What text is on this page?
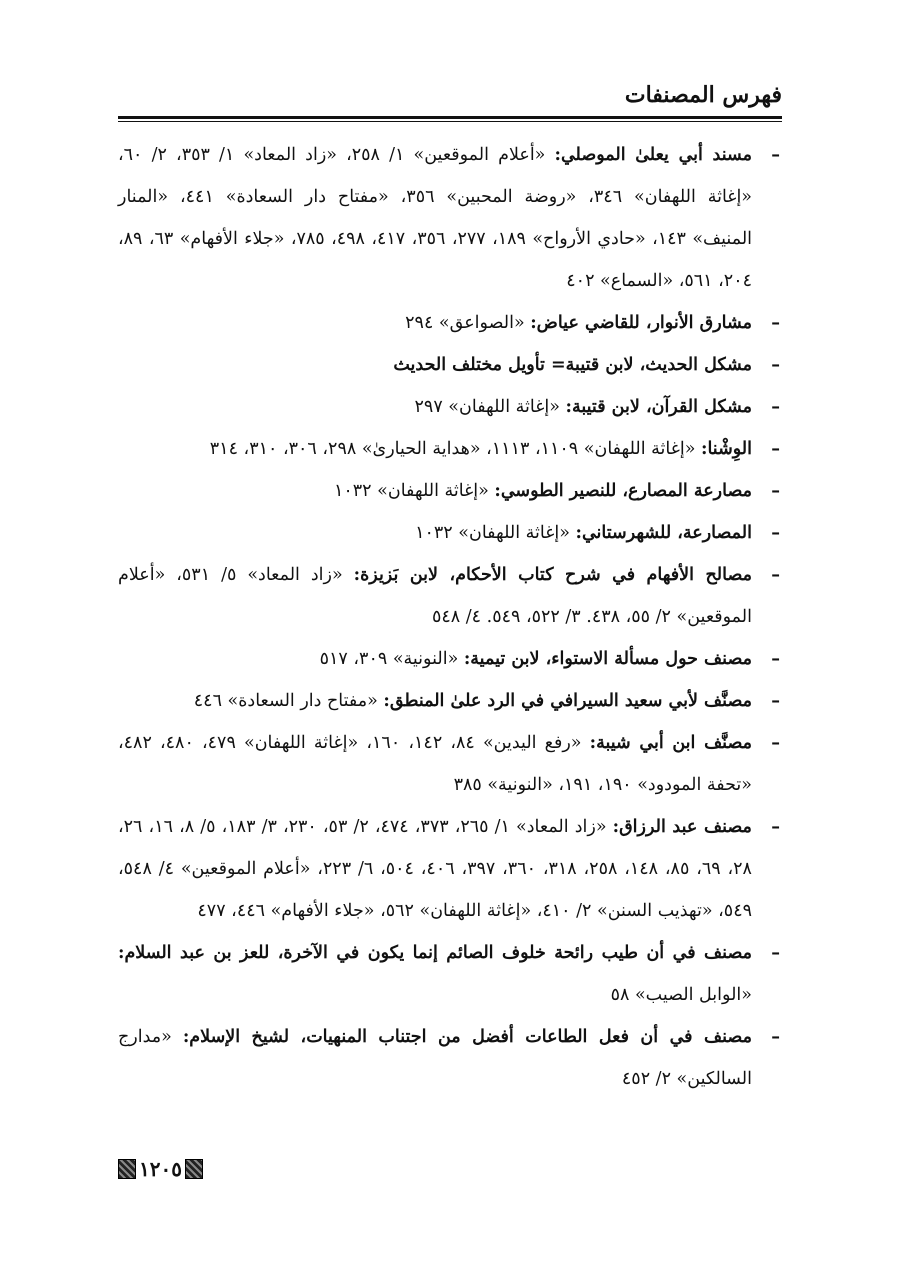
فهرس المصنفات
–
مسند أبي يعلىٰ الموصلي: «أعلام الموقعين» ١/ ٢٥٨، «زاد المعاد» ١/ ٣٥٣، ٢/ ٦٠، «إغاثة اللهفان» ٣٤٦، «روضة المحبين» ٣٥٦، «مفتاح دار السعادة» ٤٤١، «المنار المنيف» ١٤٣، «حادي الأرواح» ١٨٩، ٢٧٧، ٣٥٦، ٤١٧، ٤٩٨، ٧٨٥، «جلاء الأفهام» ٦٣، ٨٩، ٢٠٤، ٥٦١، «السماع» ٤٠٢
–
مشارق الأنوار، للقاضي عياض: «الصواعق» ٢٩٤
–
مشكل الحديث، لابن قتيبة= تأويل مختلف الحديث
–
مشكل القرآن، لابن قتيبة: «إغاثة اللهفان» ٢٩٧
–
الوِشْنا: «إغاثة اللهفان» ١١٠٩، ١١١٣، «هداية الحيارىٰ» ٢٩٨، ٣٠٦، ٣١٠، ٣١٤
–
مصارعة المصارع، للنصير الطوسي: «إغاثة اللهفان» ١٠٣٢
–
المصارعة، للشهرستاني: «إغاثة اللهفان» ١٠٣٢
–
مصالح الأفهام في شرح كتاب الأحكام، لابن بَزيزة: «زاد المعاد» ٥/ ٥٣١، «أعلام الموقعين» ٢/ ٥٥، ٤٣٨. ٣/ ٥٢٢، ٥٤٩. ٤/ ٥٤٨
–
مصنف حول مسألة الاستواء، لابن تيمية: «النونية» ٣٠٩، ٥١٧
–
مصنَّف لأبي سعيد السيرافي في الرد علىٰ المنطق: «مفتاح دار السعادة» ٤٤٦
–
مصنَّف ابن أبي شيبة: «رفع اليدين» ٨٤، ١٤٢، ١٦٠، «إغاثة اللهفان» ٤٧٩، ٤٨٠، ٤٨٢، «تحفة المودود» ١٩٠، ١٩١، «النونية» ٣٨٥
–
مصنف عبد الرزاق: «زاد المعاد» ١/ ٢٦٥، ٣٧٣، ٤٧٤، ٢/ ٥٣، ٢٣٠، ٣/ ١٨٣، ٥/ ٨، ١٦، ٢٦، ٢٨، ٦٩، ٨٥، ١٤٨، ٢٥٨، ٣١٨، ٣٦٠، ٣٩٧، ٤٠٦، ٥٠٤، ٦/ ٢٢٣، «أعلام الموقعين» ٤/ ٥٤٨، ٥٤٩، «تهذيب السنن» ٢/ ٤١٠، «إغاثة اللهفان» ٥٦٢، «جلاء الأفهام» ٤٤٦، ٤٧٧
–
مصنف في أن طيب رائحة خلوف الصائم إنما يكون في الآخرة، للعز بن عبد السلام: «الوابل الصيب» ٥٨
–
مصنف في أن فعل الطاعات أفضل من اجتناب المنهيات، لشيخ الإسلام: «مدارج السالكين» ٢/ ٤٥٢
١٢٠٥
